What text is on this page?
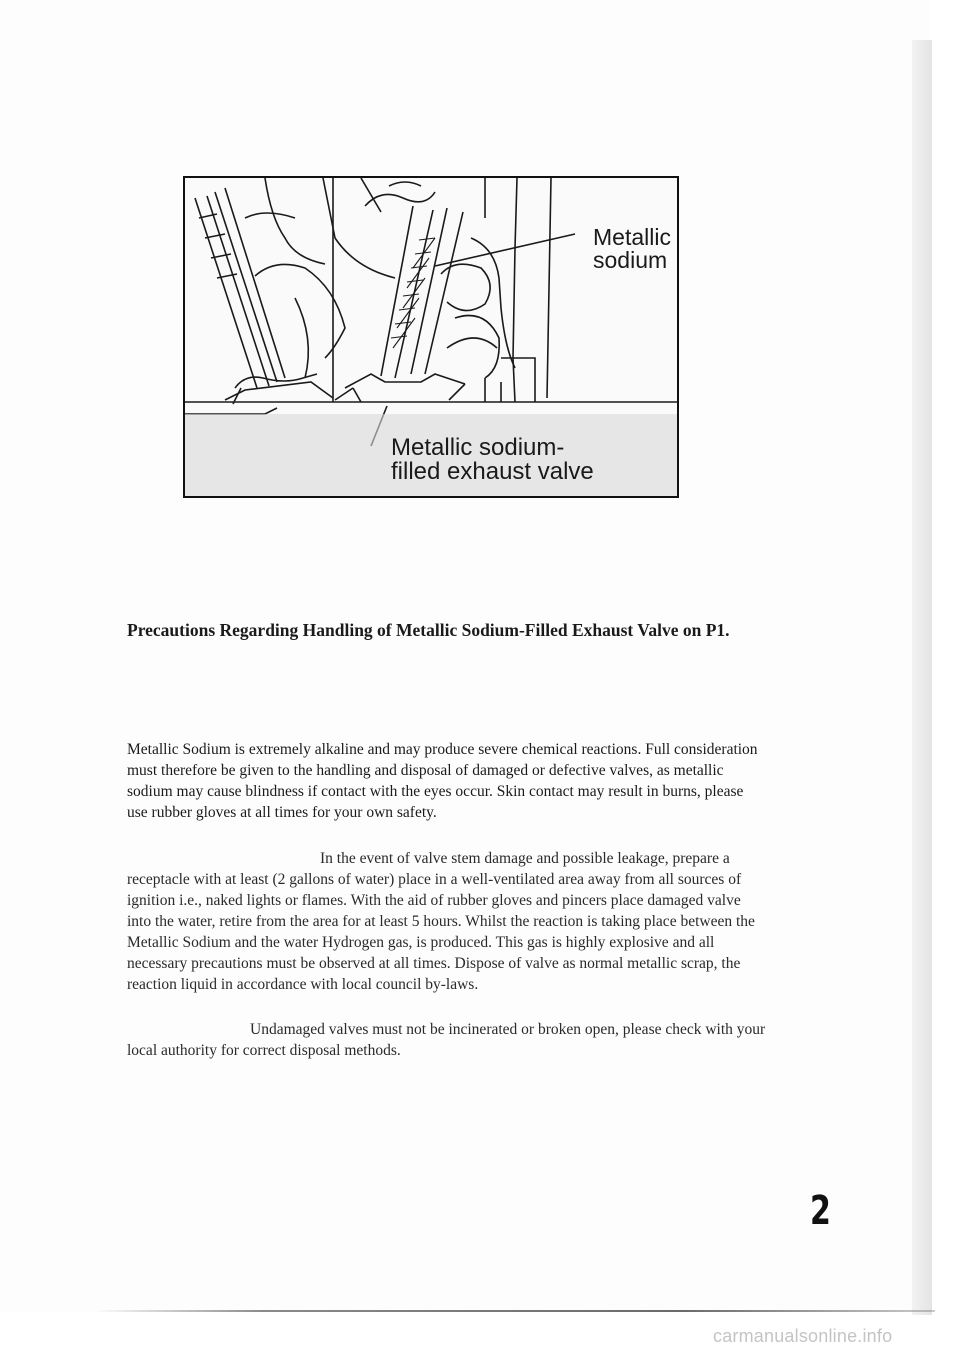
Metallic
sodium
Metallic sodium-
filled exhaust valve
Precautions Regarding Handling of Metallic Sodium-Filled Exhaust Valve on P1.

Metallic Sodium is extremely alkaline and may produce severe chemical reactions. Full consideration must therefore be given to the handling and disposal of damaged or defective valves, as metallic sodium may cause blindness if contact with the eyes occur. Skin contact may result in burns, please use rubber gloves at all times for your own safety.

In the event of valve stem damage and possible leakage, prepare a receptacle with at least (2 gallons of water) place in a well-ventilated area away from all sources of ignition i.e., naked lights or flames. With the aid of rubber gloves and pincers place damaged valve into the water, retire from the area for at least 5 hours. Whilst the reaction is taking place between the Metallic Sodium and the water Hydrogen gas, is produced. This gas is highly explosive and all necessary precautions must be observed at all times. Dispose of valve as normal metallic scrap, the reaction liquid in accordance with local council by-laws.

Undamaged valves must not be incinerated or broken open, please check with your local authority for correct disposal methods.

2
carmanualsonline.info
